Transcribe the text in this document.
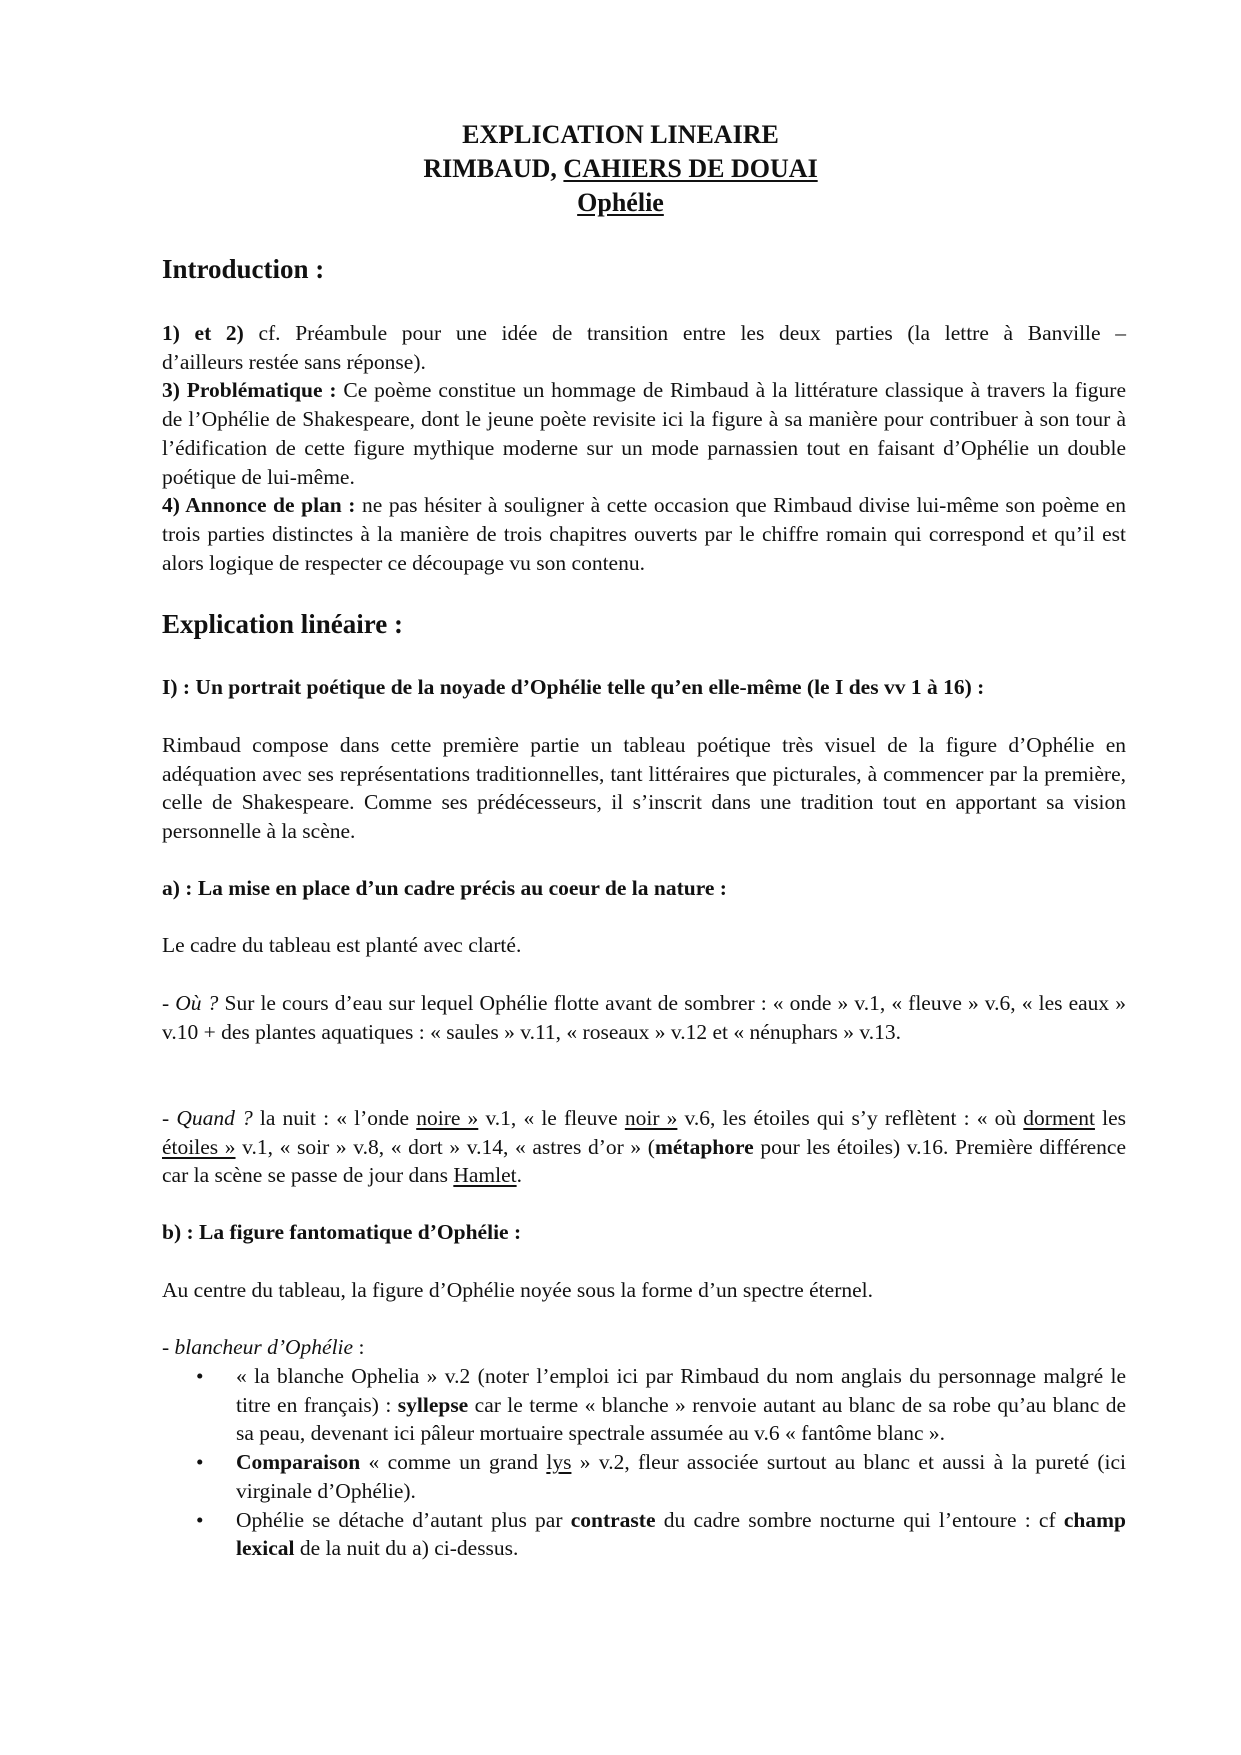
EXPLICATION LINEAIRE
RIMBAUD, CAHIERS DE DOUAI
Ophélie
Introduction :
1) et 2) cf. Préambule pour une idée de transition entre les deux parties (la lettre à Banville –
d’ailleurs restée sans réponse).
3) Problématique : Ce poème constitue un hommage de Rimbaud à la littérature classique à travers la figure de l’Ophélie de Shakespeare, dont le jeune poète revisite ici la figure à sa manière pour contribuer à son tour à l’édification de cette figure mythique moderne sur un mode parnassien tout en faisant d’Ophélie un double poétique de lui-même.
4) Annonce de plan : ne pas hésiter à souligner à cette occasion que Rimbaud divise lui-même son poème en trois parties distinctes à la manière de trois chapitres ouverts par le chiffre romain qui correspond et qu’il est alors logique de respecter ce découpage vu son contenu.
Explication linéaire :
I) : Un portrait poétique de la noyade d’Ophélie telle qu’en elle-même (le I des vv 1 à 16) :
Rimbaud compose dans cette première partie un tableau poétique très visuel de la figure d’Ophélie en adéquation avec ses représentations traditionnelles, tant littéraires que picturales, à commencer par la première, celle de Shakespeare. Comme ses prédécesseurs, il s’inscrit dans une tradition tout en apportant sa vision personnelle à la scène.
a) : La mise en place d’un cadre précis au coeur de la nature :
Le cadre du tableau est planté avec clarté.
- Où ? Sur le cours d’eau sur lequel Ophélie flotte avant de sombrer : « onde » v.1, « fleuve » v.6, « les eaux » v.10 + des plantes aquatiques : « saules » v.11, « roseaux » v.12 et « nénuphars » v.13.
- Quand ? la nuit : « l’onde noire » v.1, « le fleuve noir » v.6, les étoiles qui s’y reflètent : « où dorment les étoiles » v.1, « soir » v.8, « dort » v.14, « astres d’or » (métaphore pour les étoiles) v.16. Première différence car la scène se passe de jour dans Hamlet.
b) : La figure fantomatique d’Ophélie :
Au centre du tableau, la figure d’Ophélie noyée sous la forme d’un spectre éternel.
- blancheur d’Ophélie :
• « la blanche Ophelia » v.2 (noter l’emploi ici par Rimbaud du nom anglais du personnage malgré le titre en français) : syllepse car le terme « blanche » renvoie autant au blanc de sa robe qu’au blanc de sa peau, devenant ici pâleur mortuaire spectrale assumée au v.6 « fantôme blanc ».
• Comparaison « comme un grand lys » v.2, fleur associée surtout au blanc et aussi à la pureté (ici virginale d’Ophélie).
• Ophélie se détache d’autant plus par contraste du cadre sombre nocturne qui l’entoure : cf champ lexical de la nuit du a) ci-dessus.
